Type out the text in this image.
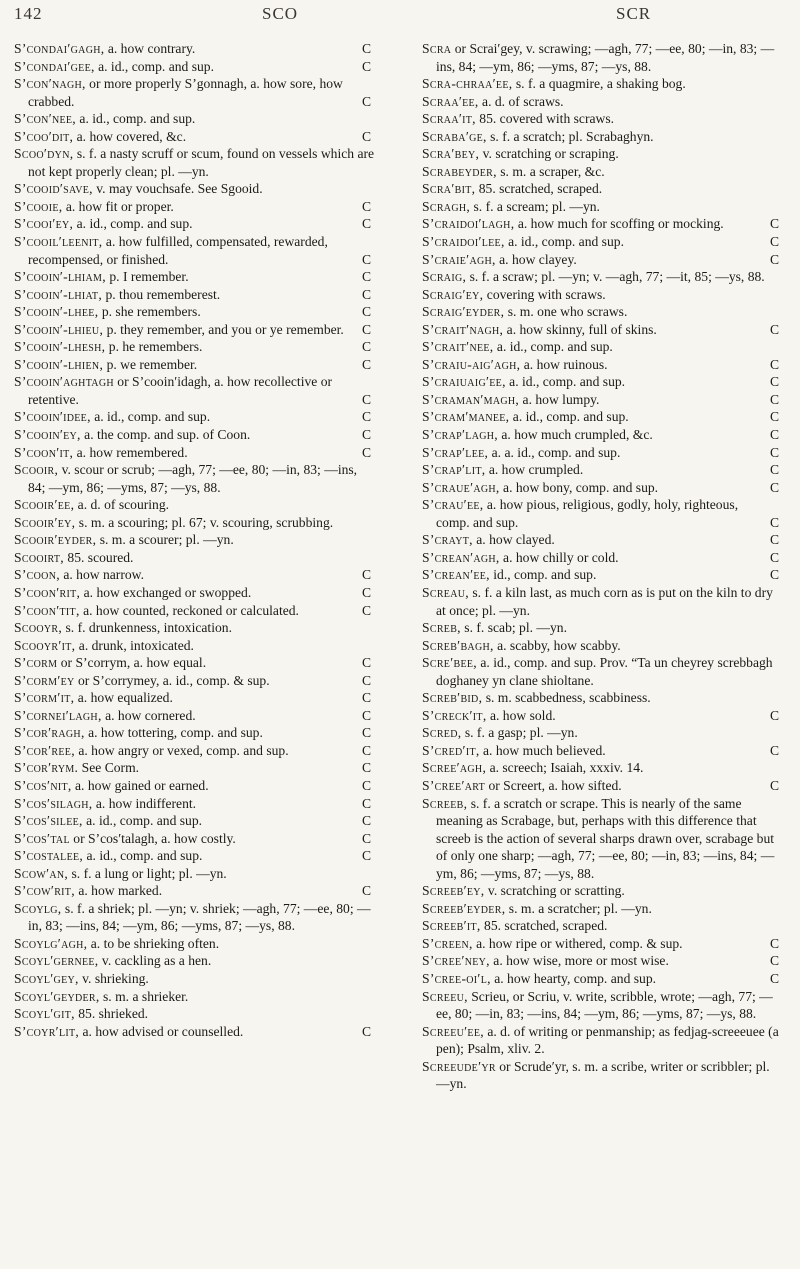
142	SCO	SCR

S’condai′gagh, a. how contrary.	C

S’condai′gee, a. id., comp. and sup.	C

S’con′nagh, or more properly S’gonnagh, a. how sore, how crabbed.	C

S’con′nee, a. id., comp. and sup.

S’coo′dit, a. how covered, &c.	C

Scoo′dyn, s. f. a nasty scruff or scum, found on vessels which are not kept properly clean; pl. —yn.

S’cooid′save, v. may vouchsafe. See Sgooid.

S’cooie, a. how fit or proper.	C

S’cooi′ey, a. id., comp. and sup.	C

S’cooil′leenit, a. how fulfilled, compensated, rewarded, recompensed, or finished.	C

S’cooin′-lhiam, p. I remember.	C

S’cooin′-lhiat, p. thou rememberest.	C

S’cooin′-lhee, p. she remembers.	C

S’cooin′-lhieu, p. they remember, and you or ye remember. C

S’cooin′-lhesh, p. he remembers.	C

S’cooin′-lhien, p. we remember.	C

S’cooin′aghtagh or S’cooin′idagh, a. how recollective or retentive.	C

S’cooin′idee, a. id., comp. and sup.	C

S’cooin′ey, a. the comp. and sup. of Coon.	C

S’coon′it, a. how remembered.	C

Scooir, v. scour or scrub; —agh, 77; —ee, 80; —in, 83; —ins, 84; —ym, 86; —yms, 87; —ys, 88.

Scooir′ee, a. d. of scouring.

Scooir′ey, s. m. a scouring; pl. 67; v. scouring, scrubbing.

Scooir′eyder, s. m. a scourer; pl. —yn.

Scooirt, 85. scoured.

S’coon, a. how narrow.	C

S’coon′rit, a. how exchanged or swopped.	C

S’coon′tit, a. how counted, reckoned or calculated.	C

Scooyr, s. f. drunkenness, intoxication.

Scooyr′it, a. drunk, intoxicated.

S’corm or S’corrym, a. how equal.	C

S’corm′ey or S’corrymey, a. id., comp. & sup.	C

S’corm′it, a. how equalized.	C

S’cornei′lagh, a. how cornered.	C

S’cor′ragh, a. how tottering, comp. and sup.	C

S’cor′ree, a. how angry or vexed, comp. and sup.	C

S’cor′rym. See Corm.	C

S’cos′nit, a. how gained or earned.	C

S’cos′silagh, a. how indifferent.	C

S’cos′silee, a. id., comp. and sup.	C

S’cos′tal or S’cos′talagh, a. how costly.	C

S’costalee, a. id., comp. and sup.	C

Scow′an, s. f. a lung or light; pl. —yn.

S’cow′rit, a. how marked.	C

Scoylg, s. f. a shriek; pl. —yn; v. shriek; —agh, 77; —ee, 80; —in, 83; —ins, 84; —ym, 86; —yms, 87; —ys, 88.

Scoylg′agh, a. to be shrieking often.

Scoyl′gernee, v. cackling as a hen.

Scoyl′gey, v. shrieking.

Scoyl′geyder, s. m. a shrieker.

Scoyl′git, 85. shrieked.

S’coyr′lit, a. how advised or counselled.	C

Scra or Scrai′gey, v. scrawing; —agh, 77; —ee, 80; —in, 83; —ins, 84; —ym, 86; —yms, 87; —ys, 88.

Scra-chraa′ee, s. f. a quagmire, a shaking bog.

Scraa′ee, a. d. of scraws.

Scraa′it, 85. covered with scraws.

Scraba′ge, s. f. a scratch; pl. Scrabaghyn.

Scra′bey, v. scratching or scraping.

Scrabeyder, s. m. a scraper, &c.

Scra′bit, 85. scratched, scraped.

Scragh, s. f. a scream; pl. —yn.

S’craidoi′lagh, a. how much for scoffing or mocking.	C

S’craidoi′lee, a. id., comp. and sup.	C

S’craie′agh, a. how clayey.	C

Scraig, s. f. a scraw; pl. —yn; v. —agh, 77; —it, 85; —ys, 88.

Scraig′ey, covering with scraws.

Scraig′eyder, s. m. one who scraws.

S’crait′nagh, a. how skinny, full of skins.	C

S’crait′nee, a. id., comp. and sup.

S’craiu-aig′agh, a. how ruinous.	C

S’craiuaig′ee, a. id., comp. and sup.	C

S’craman′magh, a. how lumpy.	C

S’cram′manee, a. id., comp. and sup.	C

S’crap′lagh, a. how much crumpled, &c.	C

S’crap′lee, a. a. id., comp. and sup.	C

S’crap′lit, a. how crumpled.	C

S’craue′agh, a. how bony, comp. and sup.	C

S’crau′ee, a. how pious, religious, godly, holy, righteous, comp. and sup.	C

S’crayt, a. how clayed.	C

S’crean′agh, a. how chilly or cold.	C

S’crean′ee, id., comp. and sup.	C

Screau, s. f. a kiln last, as much corn as is put on the kiln to dry at once; pl. —yn.

Screb, s. f. scab; pl. —yn.

Screb′bagh, a. scabby, how scabby.

Scre′bee, a. id., comp. and sup. Prov. “Ta un cheyrey screbbagh doghaney yn clane shioltane.

Screb′bid, s. m. scabbedness, scabbiness.

S’creck′it, a. how sold.	C

Scred, s. f. a gasp; pl. —yn.

S’cred′it, a. how much believed.	C

Scree′agh, a. screech; Isaiah, xxxiv. 14.

S’cree′art or Screert, a. how sifted.	C

Screeb, s. f. a scratch or scrape. This is nearly of the same meaning as Scrabage, but, perhaps with this difference that screeb is the action of several sharps drawn over, scrabage but of only one sharp; —agh, 77; —ee, 80; —in, 83; —ins, 84; —ym, 86; —yms, 87; —ys, 88.

Screeb′ey, v. scratching or scratting.

Screeb′eyder, s. m. a scratcher; pl. —yn.

Screeb′it, 85. scratched, scraped.

S’creen, a. how ripe or withered, comp. & sup.	C

S’cree′ney, a. how wise, more or most wise.	C

S’cree-oi′l, a. how hearty, comp. and sup.	C

Screeu, Scrieu, or Scriu, v. write, scribble, wrote; —agh, 77; —ee, 80; —in, 83; —ins, 84; —ym, 86; —yms, 87; —ys, 88.

Screeu′ee, a. d. of writing or penmanship; as fedjag-screeeuee (a pen); Psalm, xliv. 2.

Screeude′yr or Scrude′yr, s. m. a scribe, writer or scribbler; pl. —yn.
